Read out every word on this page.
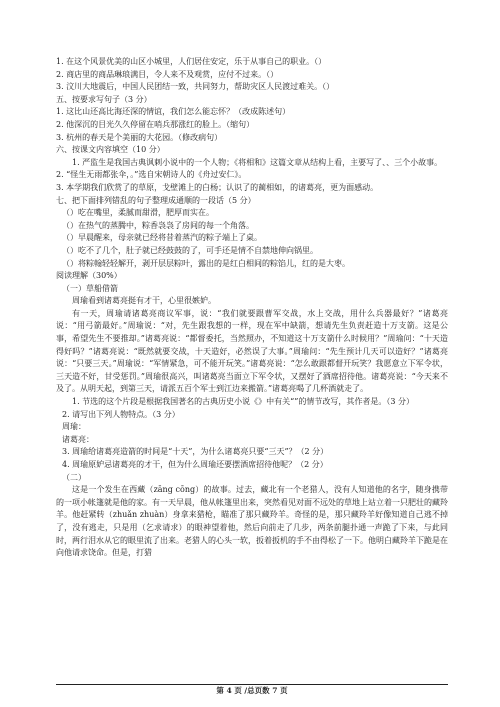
1. 在这个风景优美的山区小城里，人们居住安定，乐于从事自己的职业。（）
2. 商店里的商品琳琅满目，令人来不及观赏，应付不过来。（）
3. 汶川大地震后，中国人民团结一致，共同努力，帮助灾区人民渡过难关。（）
五、按要求写句子（3 分）
1. 这比山还高比海还深的情谊，我们怎么能忘怀？（改成陈述句）
2. 他深沉的目光久久停留在哨兵那涨红的脸上。（缩句）
3. 杭州的春天是个美丽的大花园。（修改病句）
六、按课文内容填空（10 分）
1. 严监生是我国古典讽刺小说中的一个人物；《将相和》这篇文章从结构上看，主要写了、、三个小故事。
2. “怪生无雨都张伞，。”选自宋朝诗人的《舟过安仁》。
3. 本学期我们欣赏了的草原，戈壁滩上的白杨；认识了的蔺相如，的诸葛亮，更为面感动。
七、把下面排列错乱的句子整理成通顺的一段话（5 分）
（）吃在嘴里，柔腻而甜滑，肥厚而实在。
（）在热气的蒸腾中，粽香袅袅了房间的每一个角落。
（）早晨醒来，母亲就已经将昔着蒸汽的粽子端上了桌。
（）吃不了几个，肚子就已经鼓鼓的了，可手还是情不自禁地伸向锅里。
（）将粽翰轻轻解开，剥开层层粽叶，露出的是红白相间的粽馅儿，红的是大枣。
阅读理解（30%）
（一）草船借箭
周瑜看到诸葛亮挺有才干，心里很嫉妒。
有一天，周瑜请诸葛亮商议军事，说：“我们就要跟曹军交战，水上交战，用什么兵器最好？”诸葛亮说：“用弓箭最好。”周瑜说：“对，先生跟我想的一样，现在军中缺箭，想请先生负责赶造十万支箭。这是公事，希望先生不要推却。”诸葛亮说：“都督委托，当然照办，不知道这十万支箭什么时候用？”周瑜问：“十天造得好吗？”诸葛亮说：“既然就要交战，十天造好，必然误了大事。”周瑜问：“先生预计几天可以造好？”诸葛亮说：“只要三天。”周瑜说：“军情紧急，可不能开玩笑。”诸葛亮说：“怎么敢跟都督开玩笑？我愿意立下军令状，三天造不好，甘受惩罚。”周瑜很高兴，叫诸葛亮当面立下军令状，又摆好了酒席招待他。诸葛亮说：“今天来不及了。从明天起，到第三天，请派五百个军士到江边来搬箭。”诸葛亮喝了几杯酒就走了。
1. 节选的这个片段是根据我国著名的古典历史小说《》中有关“”的情节改写，其作者是。（3 分）
2. 请写出下列人物特点。（3 分）
周瑜：
诸葛亮：
3. 周瑜给诸葛亮造箭的时间是“十天”，为什么诸葛亮只要“三天”？（2 分）
4. 周瑜原妒忌诸葛亮的才干，但为什么周瑜还要摆酒席招待他呢？（2 分）
（二）
这是一个发生在西藏（zāng cōng）的故事。过去，藏北有一个老猎人，没有人知道他的名字，随身携带的一项小帐篷就是他的家。有一天早晨，他从帐篷里出来，突然看见对面不远处的草地上站立着一只肥壮的藏羚羊。他赶紧转（zhuǎn zhuàn）身拿来猎枪，瞄准了那只藏羚羊。奇怪的是，那只藏羚羊好像知道自己逃不掉了，没有逃走，只是用（乞求请求）的眼神望着他，然后向前走了几步，两条前腿扑通一声跪了下来，与此同时，两行泪水从它的眼里流了出来。老猎人的心头一软，扳着扳机的手不由得松了一下。他明白藏羚羊下跪是在向他请求饶命。但是，打猎
第 4 页 /总页数 7 页
